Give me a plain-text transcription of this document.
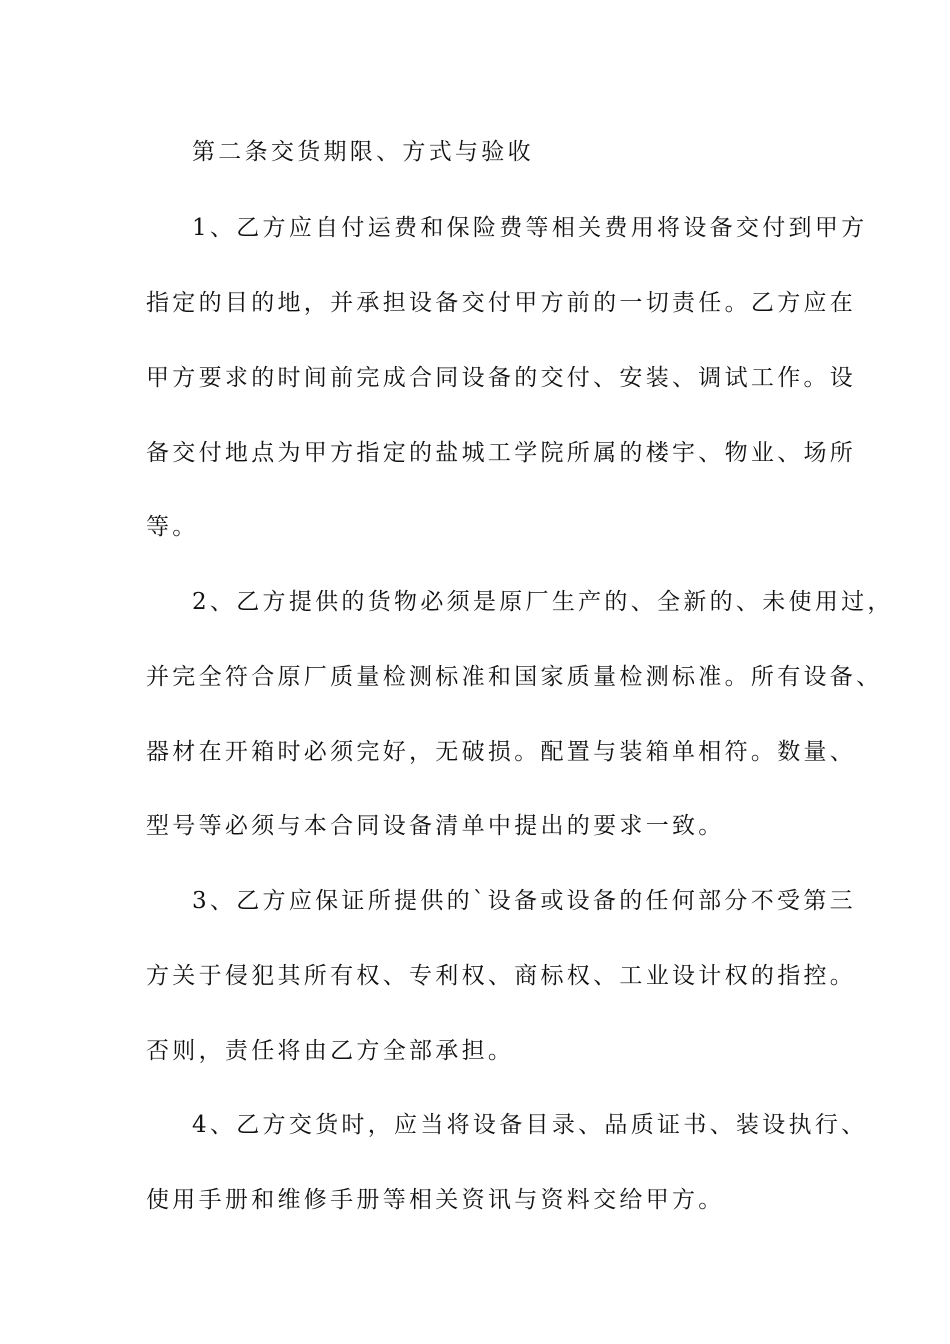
第二条交货期限、方式与验收

1、乙方应自付运费和保险费等相关费用将设备交付到甲方

指定的目的地，并承担设备交付甲方前的一切责任。乙方应在

甲方要求的时间前完成合同设备的交付、安装、调试工作。设

备交付地点为甲方指定的盐城工学院所属的楼宇、物业、场所

等。

2、乙方提供的货物必须是原厂生产的、全新的、未使用过，

并完全符合原厂质量检测标准和国家质量检测标准。所有设备、

器材在开箱时必须完好，无破损。配置与装箱单相符。数量、

型号等必须与本合同设备清单中提出的要求一致。

3、乙方应保证所提供的`设备或设备的任何部分不受第三

方关于侵犯其所有权、专利权、商标权、工业设计权的指控。

否则，责任将由乙方全部承担。

4、乙方交货时，应当将设备目录、品质证书、装设执行、

使用手册和维修手册等相关资讯与资料交给甲方。
